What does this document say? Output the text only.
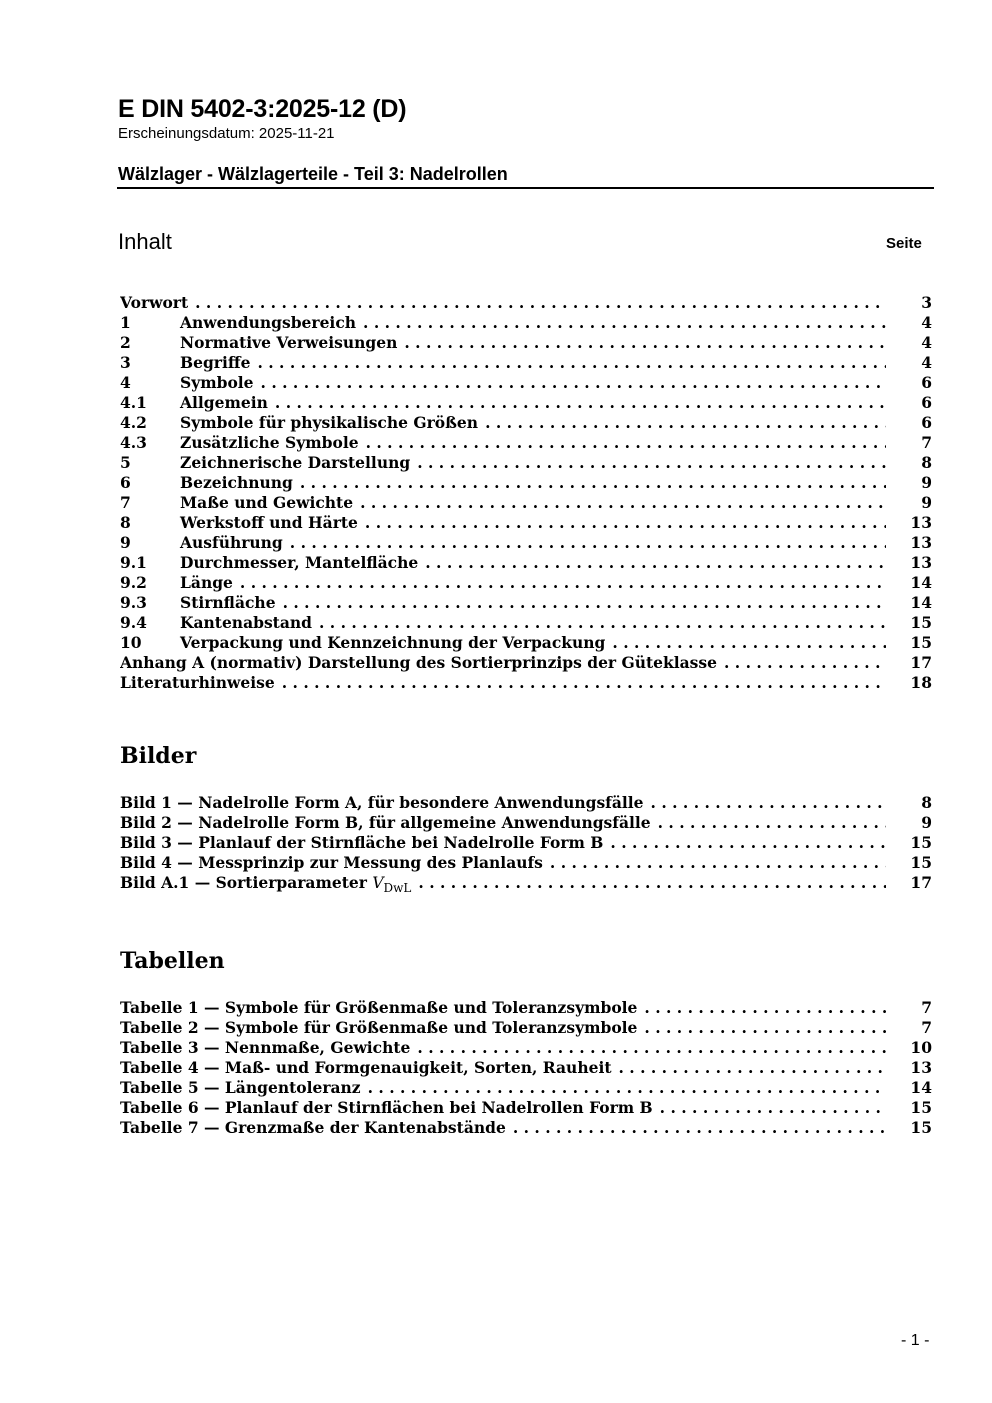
E DIN 5402-3:2025-12 (D)
Erscheinungsdatum: 2025-11-21
Wälzlager - Wälzlagerteile - Teil 3: Nadelrollen
Inhalt	Seite
Vorwort . . .	3
1	Anwendungsbereich . . .	4
2	Normative Verweisungen . . .	4
3	Begriffe . . .	4
4	Symbole . . .	6
4.1	Allgemein . . .	6
4.2	Symbole für physikalische Größen . . .	6
4.3	Zusätzliche Symbole . . .	7
5	Zeichnerische Darstellung . . .	8
6	Bezeichnung . . .	9
7	Maße und Gewichte . . .	9
8	Werkstoff und Härte . . .	13
9	Ausführung . . .	13
9.1	Durchmesser, Mantelfläche . . .	13
9.2	Länge . . .	14
9.3	Stirnfläche . . .	14
9.4	Kantenabstand . . .	15
10	Verpackung und Kennzeichnung der Verpackung . . .	15
Anhang A (normativ) Darstellung des Sortierprinzips der Güteklasse . . .	17
Literaturhinweise . . .	18
Bilder
Bild 1 — Nadelrolle Form A, für besondere Anwendungsfälle . . .	8
Bild 2 — Nadelrolle Form B, für allgemeine Anwendungsfälle . . .	9
Bild 3 — Planlauf der Stirnfläche bei Nadelrolle Form B . . .	15
Bild 4 — Messprinzip zur Messung des Planlaufs . . .	15
Bild A.1 — Sortierparameter $V_{DwL}$ . . .	17
Tabellen
Tabelle 1 — Symbole für Größenmaße und Toleranzsymbole . . .	7
Tabelle 2 — Symbole für Größenmaße und Toleranzsymbole . . .	7
Tabelle 3 — Nennmaße, Gewichte . . .	10
Tabelle 4 — Maß- und Formgenauigkeit, Sorten, Rauheit . . .	13
Tabelle 5 — Längentoleranz . . .	14
Tabelle 6 — Planlauf der Stirnflächen bei Nadelrollen Form B . . .	15
Tabelle 7 — Grenzmaße der Kantenabstände . . .	15
- 1 -
